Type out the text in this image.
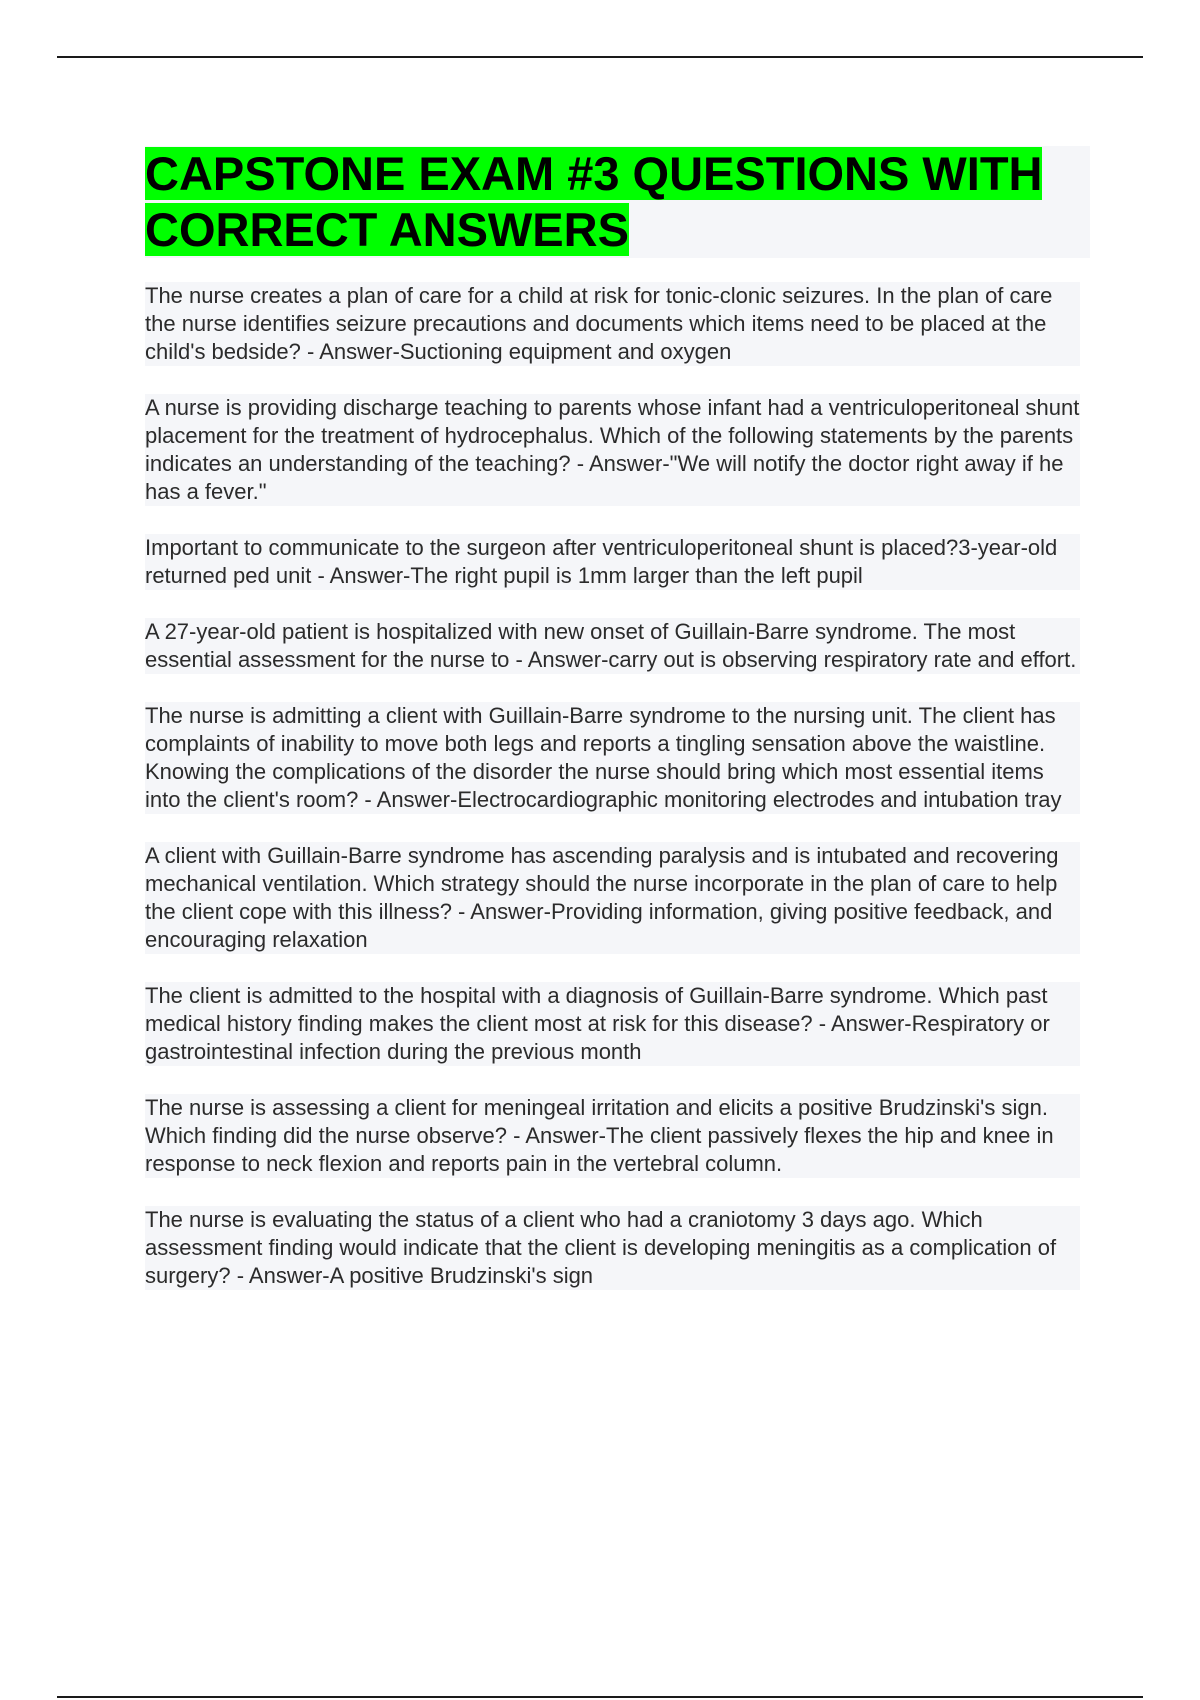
CAPSTONE EXAM #3 QUESTIONS WITH CORRECT ANSWERS

The nurse creates a plan of care for a child at risk for tonic-clonic seizures. In the plan of care the nurse identifies seizure precautions and documents which items need to be placed at the child's bedside? - Answer-Suctioning equipment and oxygen

A nurse is providing discharge teaching to parents whose infant had a ventriculoperitoneal shunt placement for the treatment of hydrocephalus. Which of the following statements by the parents indicates an understanding of the teaching? - Answer-"We will notify the doctor right away if he has a fever."

Important to communicate to the surgeon after ventriculoperitoneal shunt is placed?3-year-old returned ped unit - Answer-The right pupil is 1mm larger than the left pupil

A 27-year-old patient is hospitalized with new onset of Guillain-Barre syndrome. The most essential assessment for the nurse to - Answer-carry out is observing respiratory rate and effort.

The nurse is admitting a client with Guillain-Barre syndrome to the nursing unit. The client has complaints of inability to move both legs and reports a tingling sensation above the waistline. Knowing the complications of the disorder the nurse should bring which most essential items into the client's room? - Answer-Electrocardiographic monitoring electrodes and intubation tray

A client with Guillain-Barre syndrome has ascending paralysis and is intubated and recovering mechanical ventilation. Which strategy should the nurse incorporate in the plan of care to help the client cope with this illness? - Answer-Providing information, giving positive feedback, and encouraging relaxation

The client is admitted to the hospital with a diagnosis of Guillain-Barre syndrome. Which past medical history finding makes the client most at risk for this disease? - Answer-Respiratory or gastrointestinal infection during the previous month

The nurse is assessing a client for meningeal irritation and elicits a positive Brudzinski's sign. Which finding did the nurse observe? - Answer-The client passively flexes the hip and knee in response to neck flexion and reports pain in the vertebral column.

The nurse is evaluating the status of a client who had a craniotomy 3 days ago. Which assessment finding would indicate that the client is developing meningitis as a complication of surgery? - Answer-A positive Brudzinski's sign
